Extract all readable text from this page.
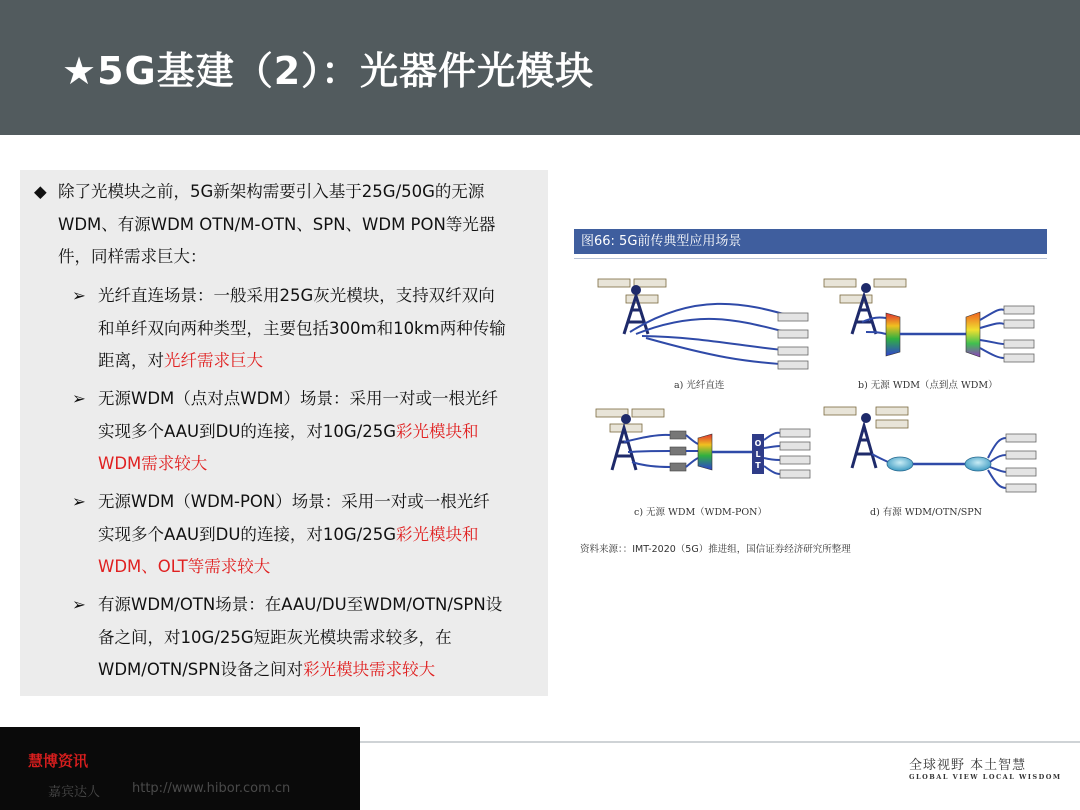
★5G基建（2）：光器件光模块
◆ 除了光模块之前，5G新架构需要引入基于25G/50G的无源
WDM、有源WDM OTN/M-OTN、SPN、WDM PON等光器
件，同样需求巨大：
➢ 光纤直连场景：一般采用25G灰光模块，支持双纤双向
和单纤双向两种类型，主要包括300m和10km两种传输
距离，对光纤需求巨大
➢ 无源WDM（点对点WDM）场景：采用一对或一根光纤
实现多个AAU到DU的连接，对10G/25G彩光模块和
WDM需求较大
➢ 无源WDM（WDM-PON）场景：采用一对或一根光纤
实现多个AAU到DU的连接，对10G/25G彩光模块和
WDM、OLT等需求较大
➢ 有源WDM/OTN场景：在AAU/DU至WDM/OTN/SPN设
备之间，对10G/25G短距灰光模块需求较多，在
WDM/OTN/SPN设备之间对彩光模块需求较大
图66: 5G前传典型应用场景
a) 光纤直连	b) 无源 WDM（点到点 WDM）
O
L
T
c) 无源 WDM（WDM-PON）	d) 有源 WDM/OTN/SPN
资料来源：：IMT-2020（5G）推进组，国信证券经济研究所整理
慧博资讯
嘉宾达人 http://www.hibor.com.cn
全球视野 本土智慧
GLOBAL VIEW LOCAL WISDOM
